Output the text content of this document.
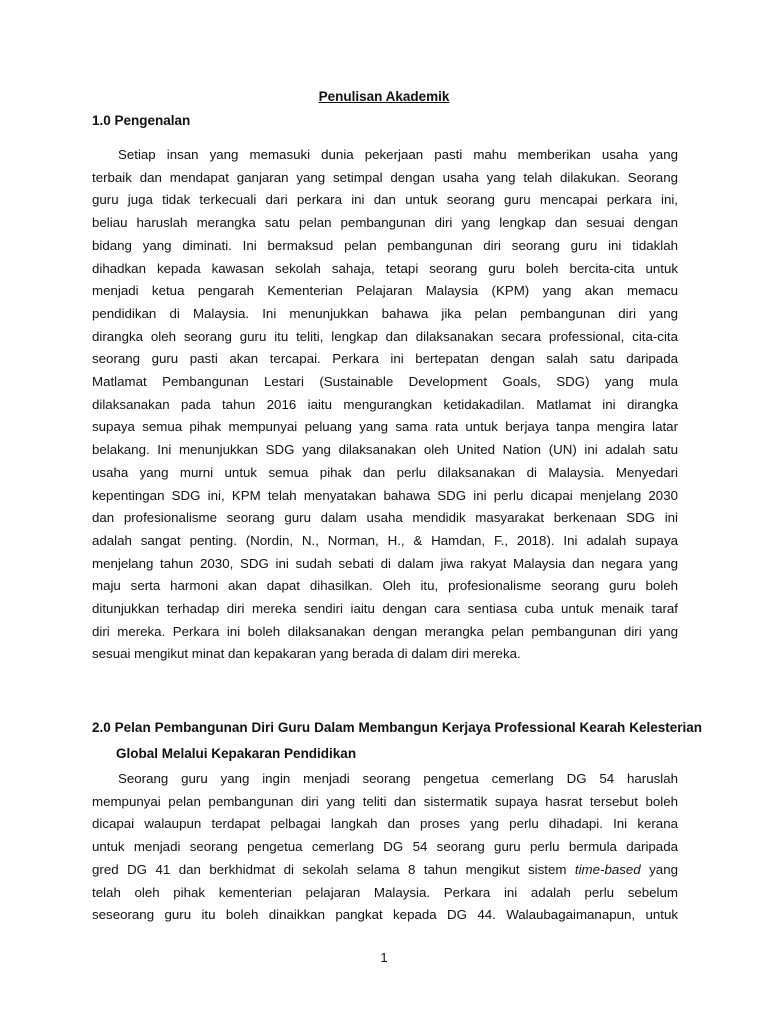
Penulisan Akademik
1.0 Pengenalan
Setiap insan yang memasuki dunia pekerjaan pasti mahu memberikan usaha yang
terbaik dan mendapat ganjaran yang setimpal dengan usaha yang telah dilakukan. Seorang
guru juga tidak terkecuali dari perkara ini dan untuk seorang guru mencapai perkara ini,
beliau haruslah merangka satu pelan pembangunan diri yang lengkap dan sesuai dengan
bidang yang diminati. Ini bermaksud pelan pembangunan diri seorang guru ini tidaklah
dihadkan kepada kawasan sekolah sahaja, tetapi seorang guru boleh bercita-cita untuk
menjadi ketua pengarah Kementerian Pelajaran Malaysia (KPM) yang akan memacu
pendidikan di Malaysia. Ini menunjukkan bahawa jika pelan pembangunan diri yang
dirangka oleh seorang guru itu teliti, lengkap dan dilaksanakan secara professional, cita-cita
seorang guru pasti akan tercapai. Perkara ini bertepatan dengan salah satu daripada
Matlamat Pembangunan Lestari (Sustainable Development Goals, SDG) yang mula
dilaksanakan pada tahun 2016 iaitu mengurangkan ketidakadilan. Matlamat ini dirangka
supaya semua pihak mempunyai peluang yang sama rata untuk berjaya tanpa mengira latar
belakang. Ini menunjukkan SDG yang dilaksanakan oleh United Nation (UN) ini adalah satu
usaha yang murni untuk semua pihak dan perlu dilaksanakan di Malaysia. Menyedari
kepentingan SDG ini, KPM telah menyatakan bahawa SDG ini perlu dicapai menjelang 2030
dan profesionalisme seorang guru dalam usaha mendidik masyarakat berkenaan SDG ini
adalah sangat penting. (Nordin, N., Norman, H., & Hamdan, F., 2018). Ini adalah supaya
menjelang tahun 2030, SDG ini sudah sebati di dalam jiwa rakyat Malaysia dan negara yang
maju serta harmoni akan dapat dihasilkan. Oleh itu, profesionalisme seorang guru boleh
ditunjukkan terhadap diri mereka sendiri iaitu dengan cara sentiasa cuba untuk menaik taraf
diri mereka. Perkara ini boleh dilaksanakan dengan merangka pelan pembangunan diri yang
sesuai mengikut minat dan kepakaran yang berada di dalam diri mereka.
2.0 Pelan Pembangunan Diri Guru Dalam Membangun Kerjaya Professional Kearah Kelesterian Global Melalui Kepakaran Pendidikan
Seorang guru yang ingin menjadi seorang pengetua cemerlang DG 54 haruslah
mempunyai pelan pembangunan diri yang teliti dan sistermatik supaya hasrat tersebut boleh
dicapai walaupun terdapat pelbagai langkah dan proses yang perlu dihadapi. Ini kerana
untuk menjadi seorang pengetua cemerlang DG 54 seorang guru perlu bermula daripada
gred DG 41 dan berkhidmat di sekolah selama 8 tahun mengikut sistem time-based yang
telah oleh pihak kementerian pelajaran Malaysia. Perkara ini adalah perlu sebelum
seseorang guru itu boleh dinaikkan pangkat kepada DG 44. Walaubagaimanapun, untuk
1
